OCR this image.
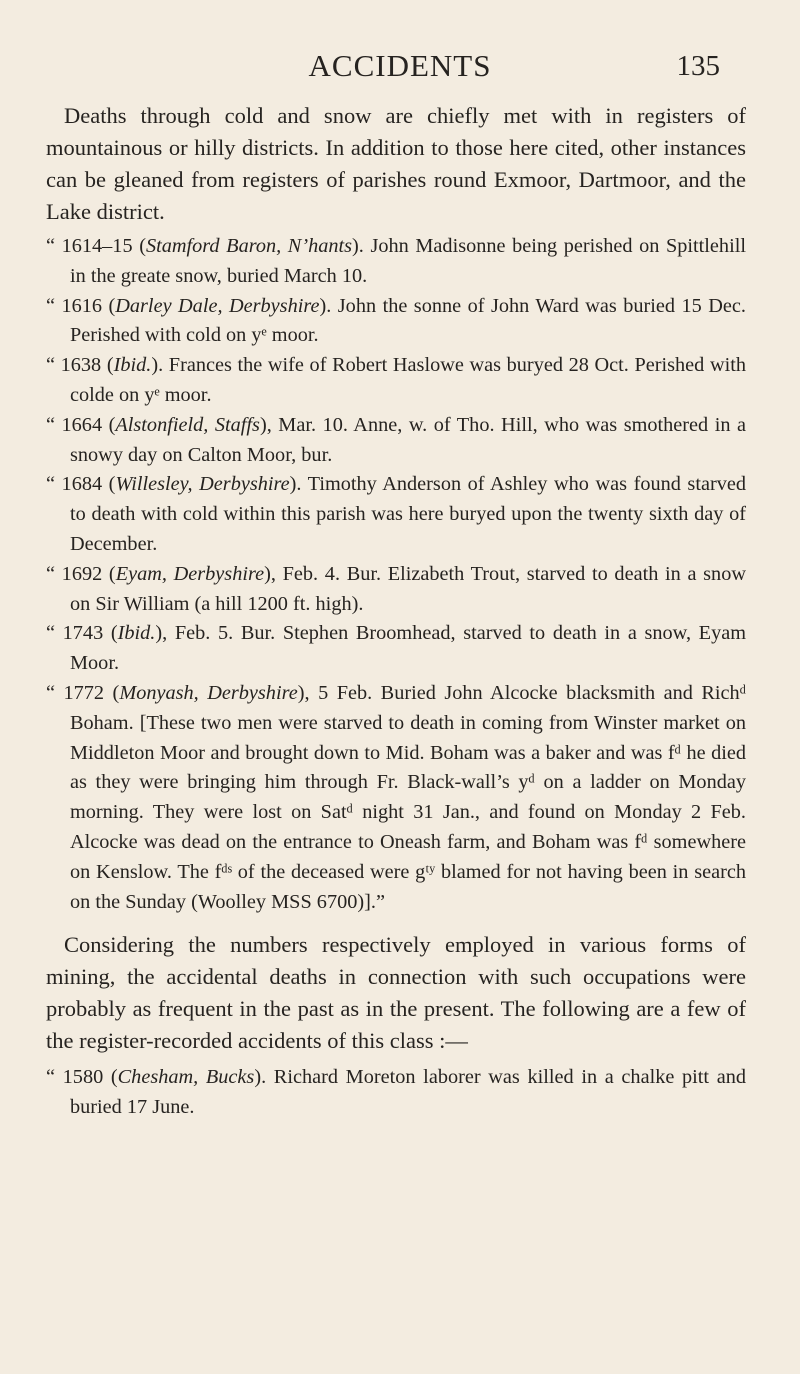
ACCIDENTS	135

Deaths through cold and snow are chiefly met with in registers of mountainous or hilly districts. In addition to those here cited, other instances can be gleaned from registers of parishes round Exmoor, Dartmoor, and the Lake district.

“ 1614–15 (Stamford Baron, N’hants). John Madisonne being perished on Spittlehill in the greate snow, buried March 10.

“ 1616 (Darley Dale, Derbyshire). John the sonne of John Ward was buried 15 Dec. Perished with cold on yᵉ moor.

“ 1638 (Ibid.). Frances the wife of Robert Haslowe was buryed 28 Oct. Perished with colde on yᵉ moor.

“ 1664 (Alstonfield, Staffs), Mar. 10. Anne, w. of Tho. Hill, who was smothered in a snowy day on Calton Moor, bur.

“ 1684 (Willesley, Derbyshire). Timothy Anderson of Ashley who was found starved to death with cold within this parish was here buryed upon the twenty sixth day of December.

“ 1692 (Eyam, Derbyshire), Feb. 4. Bur. Elizabeth Trout, starved to death in a snow on Sir William (a hill 1200 ft. high).

“ 1743 (Ibid.), Feb. 5. Bur. Stephen Broomhead, starved to death in a snow, Eyam Moor.

“ 1772 (Monyash, Derbyshire), 5 Feb. Buried John Alcocke blacksmith and Richᵈ Boham. [These two men were starved to death in coming from Winster market on Middleton Moor and brought down to Mid. Boham was a baker and was fᵈ he died as they were bringing him through Fr. Black-wall’s yᵈ on a ladder on Monday morning. They were lost on Satᵈ night 31 Jan., and found on Monday 2 Feb. Alcocke was dead on the entrance to Oneash farm, and Boham was fᵈ somewhere on Kenslow. The fᵈˢ of the deceased were gᵗʸ blamed for not having been in search on the Sunday (Woolley MSS 6700)].”

Considering the numbers respectively employed in various forms of mining, the accidental deaths in connection with such occupations were probably as frequent in the past as in the present. The following are a few of the register-recorded accidents of this class :—

“ 1580 (Chesham, Bucks). Richard Moreton laborer was killed in a chalke pitt and buried 17 June.
